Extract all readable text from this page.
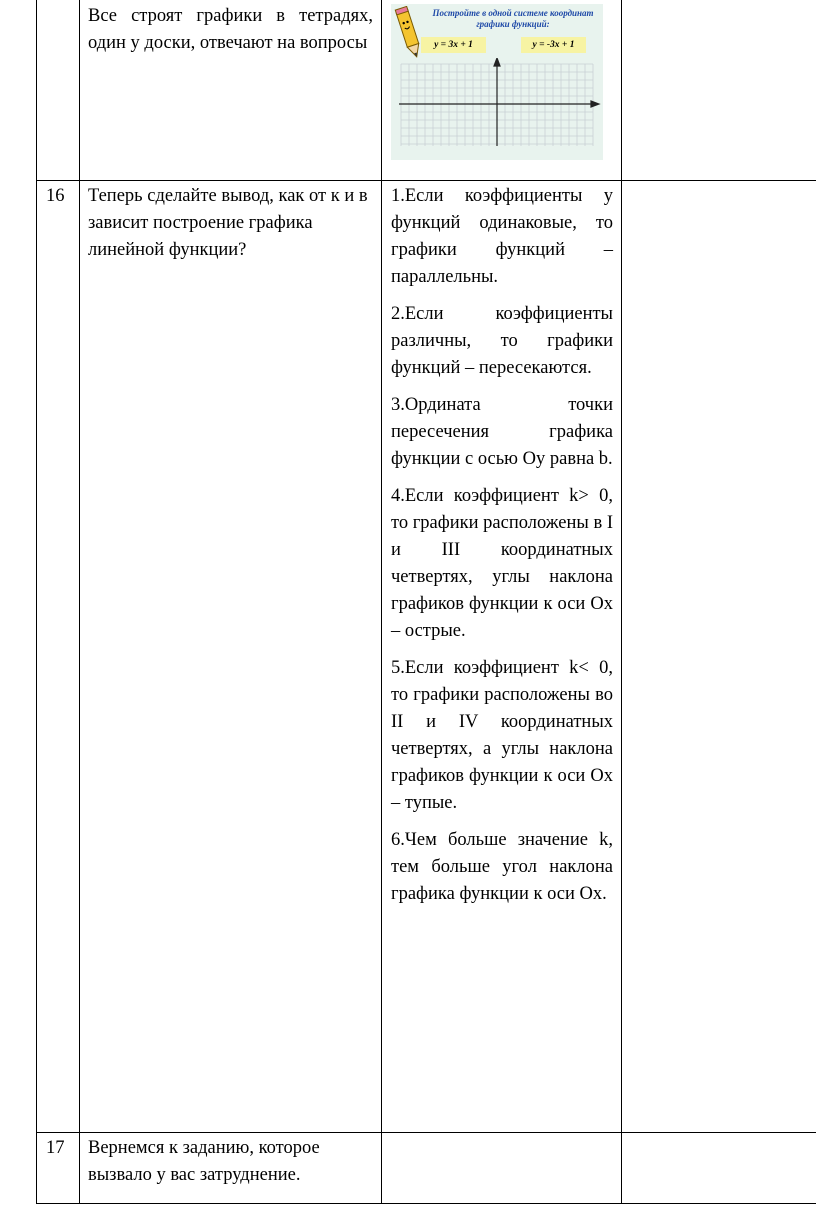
Все строят графики в тетрадях, один у доски, отвечают на вопросы
Постройте в одной системе координат графики функций:
y = 3x + 1	y = -3x + 1
16 Теперь сделайте вывод, как от к и в зависит построение графика линейной функции?

1.Если коэффициенты у функций одинаковые, то графики функций – параллельны.

2.Если коэффициенты различны, то графики функций – пересекаются.

3.Ордината точки пересечения графика функции с осью Оу равна b.

4.Если коэффициент k> 0, то графики расположены в I и III координатных четвертях, углы наклона графиков функции к оси Ох – острые.

5.Если коэффициент k< 0, то графики расположены во II и IV координатных четвертях, а углы наклона графиков функции к оси Ох – тупые.

6.Чем больше значение k, тем больше угол наклона графика функции к оси Ох.

17 Вернемся к заданию, которое вызвало у вас затруднение.
